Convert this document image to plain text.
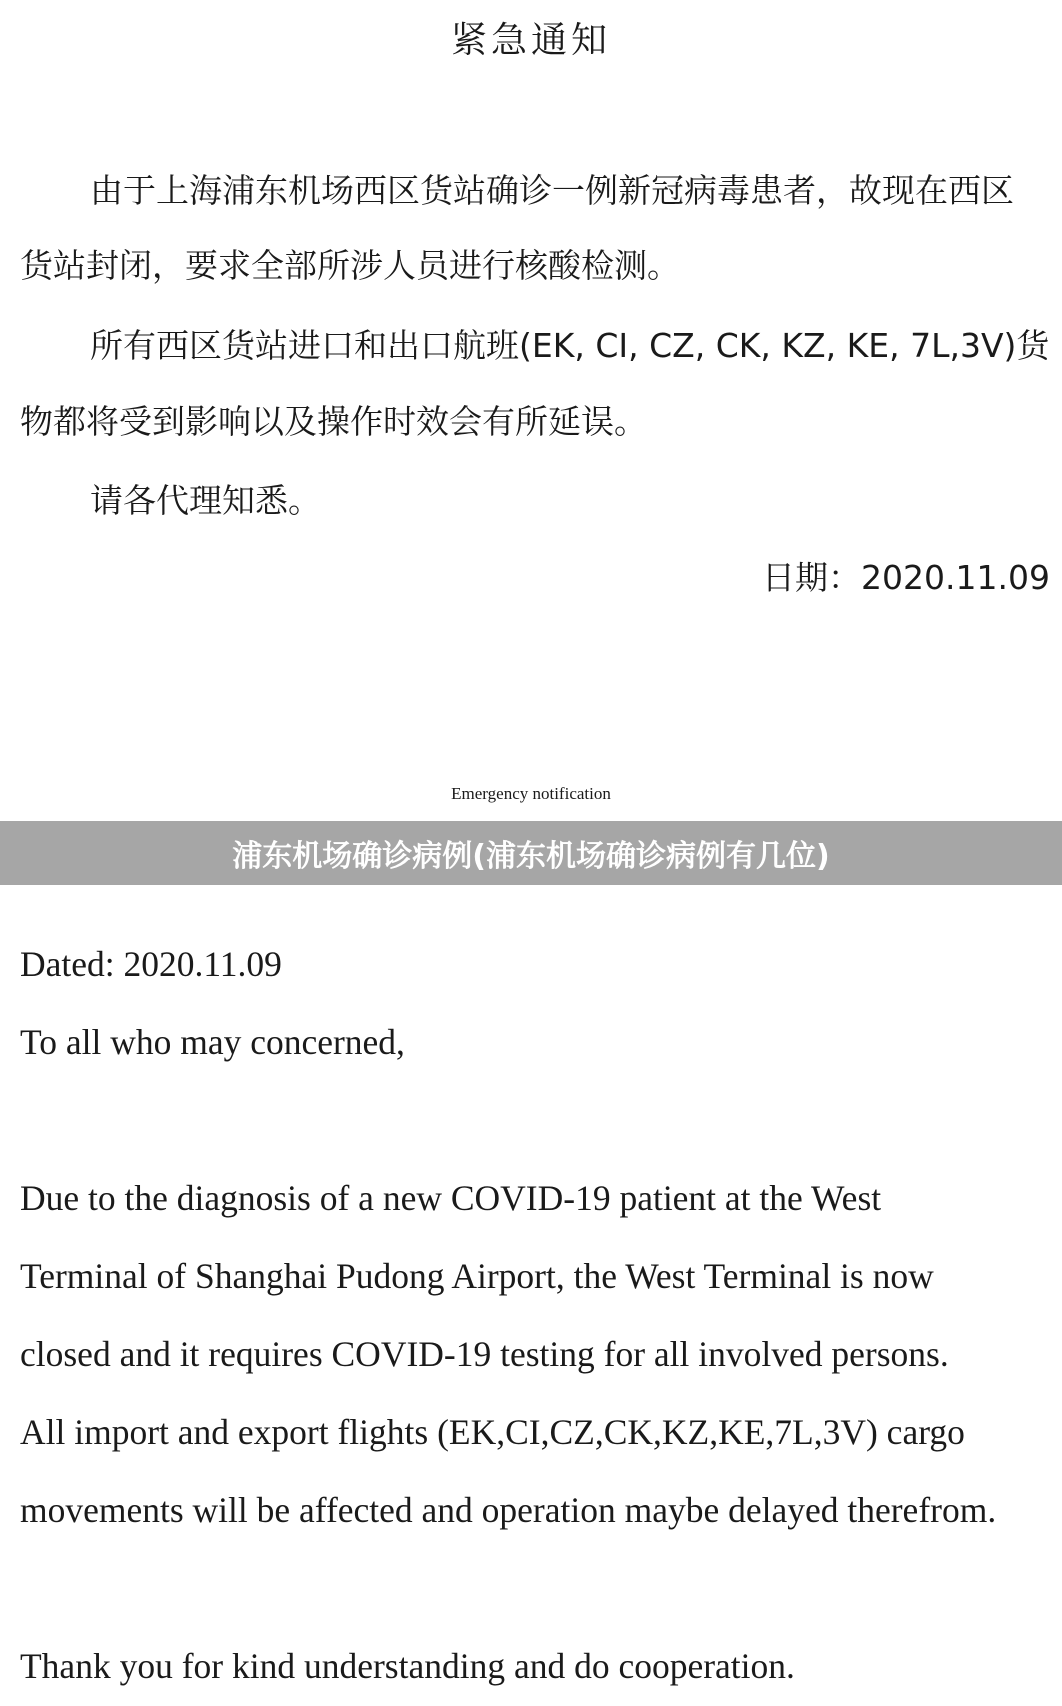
紧急通知
由于上海浦东机场西区货站确诊一例新冠病毒患者，故现在西区
货站封闭，要求全部所涉人员进行核酸检测。
所有西区货站进口和出口航班(EK, CI, CZ, CK, KZ, KE, 7L,3V)货
物都将受到影响以及操作时效会有所延误。
请各代理知悉。
日期：2020.11.09
Emergency notification
Dated: 2020.11.09
To all who may concerned,
Due to the diagnosis of a new COVID-19 patient at the West
Terminal of Shanghai Pudong Airport, the West Terminal is now
closed and it requires COVID-19 testing for all involved persons.
All import and export flights (EK,CI,CZ,CK,KZ,KE,7L,3V) cargo
movements will be affected and operation maybe delayed therefrom.
Thank you for kind understanding and do cooperation.
浦东机场确诊病例(浦东机场确诊病例有几位)
